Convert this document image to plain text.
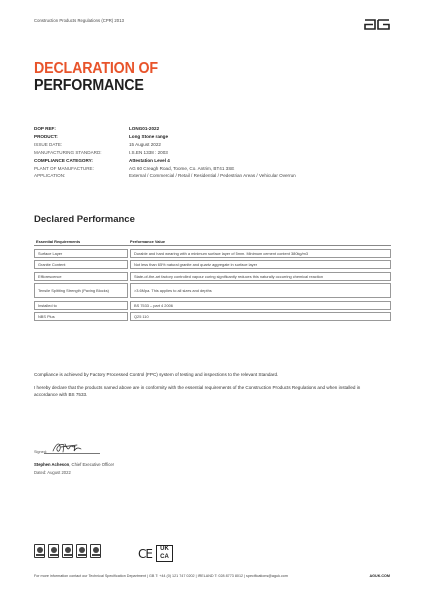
Construction Products Regulations (CPR) 2013
DECLARATION OF
PERFORMANCE
DOP REF:	LONG01-2022
PRODUCT:	Long Stone range
ISSUE DATE:	15 August 2022
MANUFACTURING STANDARD:	I.S.EN 1338 : 2003
COMPLIANCE CATEGORY:	Attestation Level 4
PLANT OF MANUFACTURE:	AG 60 Creagh Road, Toome, Co. Antrim, BT41 3SE
APPLICATION:	External / Commercial / Retail / Residential / Pedestrian Areas / Vehicular Overrun
Declared Performance
Essential Requirements	Performance Value
Surface Layer	Durable and hard wearing with a minimum surface layer of 5mm. Minimum cement content 380kg/m3
Granite Content	Not less than 65% natural granite and quartz aggregate in surface layer
Efflorescence	State-of-the-art factory controlled vapour curing significantly reduces this naturally occurring chemical reaction
Tensile Splitting Strength (Paving Blocks)	>3.6Mpa. This applies to all sizes and depths
Installed to	BS 7533 – part 4 2006
NBS Plus	Q25 110
Compliance is achieved by Factory Processed Control (FPC) system of testing and inspections to the relevant Standard.
I hereby declare that the products named above are in conformity with the essential requirements of the Construction Products Regulations and when installed in accordance with BS 7533.
Signed:
Stephen Acheson, Chief Executive Officer
Dated: August 2022
CE	UK
CA
For more information contact our Technical Specification Department | GB T: +44 (0) 121 747 0202 | IRELAND T: 028 8773 8012 | specifications@aguk.com	AGUK.COM
